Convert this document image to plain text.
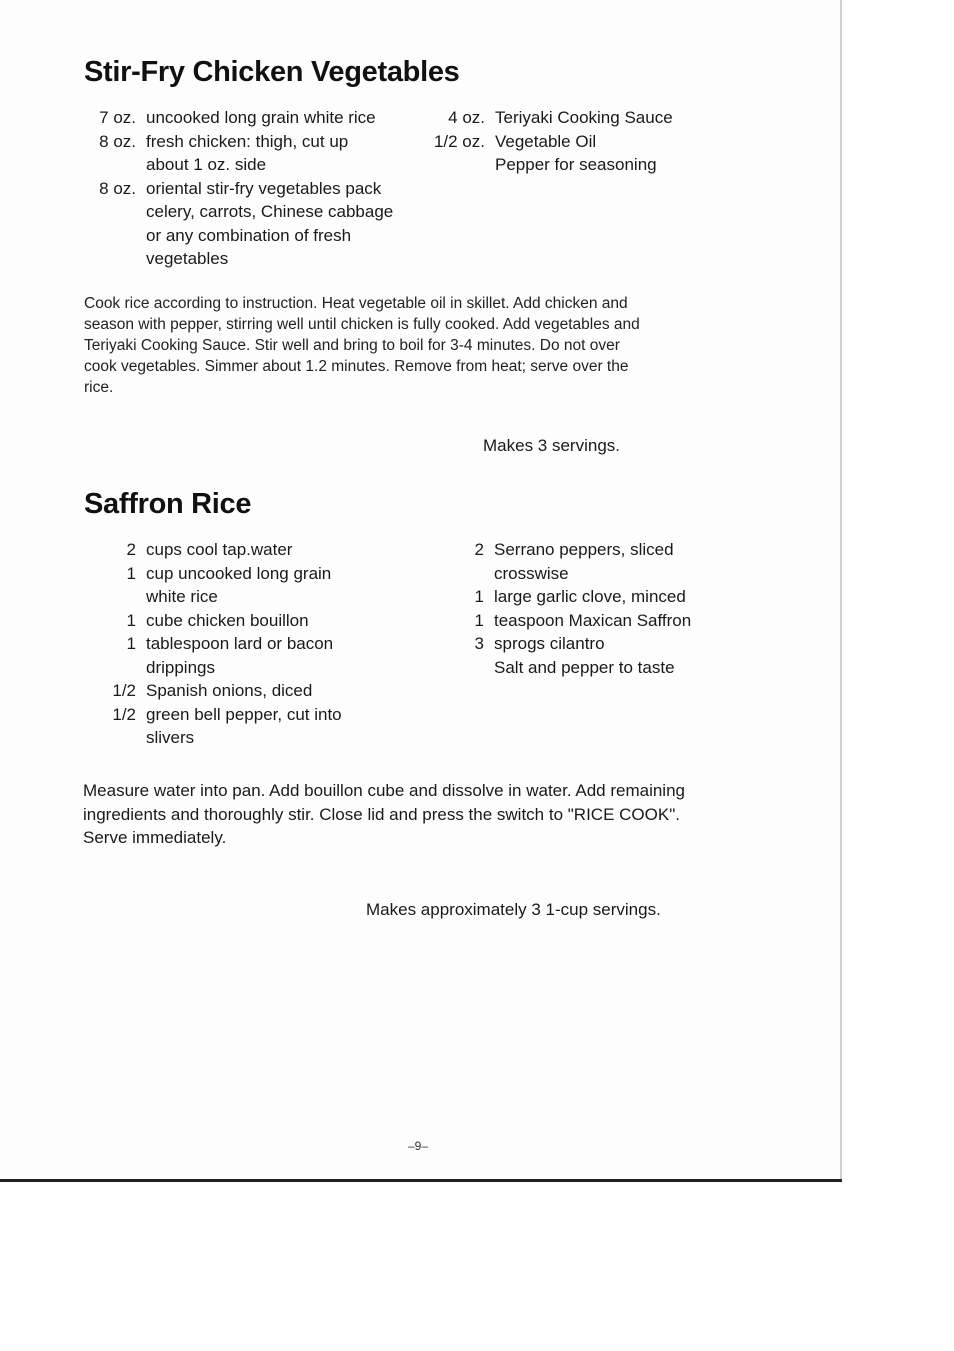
Stir-Fry Chicken Vegetables
7 oz. uncooked long grain white rice
8 oz. fresh chicken: thigh, cut up
about 1 oz. side
8 oz. oriental stir-fry vegetables pack
celery, carrots, Chinese cabbage
or any combination of fresh
vegetables
4 oz. Teriyaki Cooking Sauce
1/2 oz. Vegetable Oil
Pepper for seasoning
Cook rice according to instruction. Heat vegetable oil in skillet. Add chicken and
season with pepper, stirring well until chicken is fully cooked. Add vegetables and
Teriyaki Cooking Sauce. Stir well and bring to boil for 3-4 minutes. Do not over
cook vegetables. Simmer about 1.2 minutes. Remove from heat; serve over the
rice.
Makes 3 servings.
Saffron Rice
2 cups cool tap.water
1 cup uncooked long grain
white rice
1 cube chicken bouillon
1 tablespoon lard or bacon
drippings
1/2 Spanish onions, diced
1/2 green bell pepper, cut into
slivers
2 Serrano peppers, sliced
crosswise
1 large garlic clove, minced
1 teaspoon Maxican Saffron
3 sprogs cilantro
Salt and pepper to taste
Measure water into pan. Add bouillon cube and dissolve in water. Add remaining
ingredients and thoroughly stir. Close lid and press the switch to "RICE COOK".
Serve immediately.
Makes approximately 3 1-cup servings.
–9–
